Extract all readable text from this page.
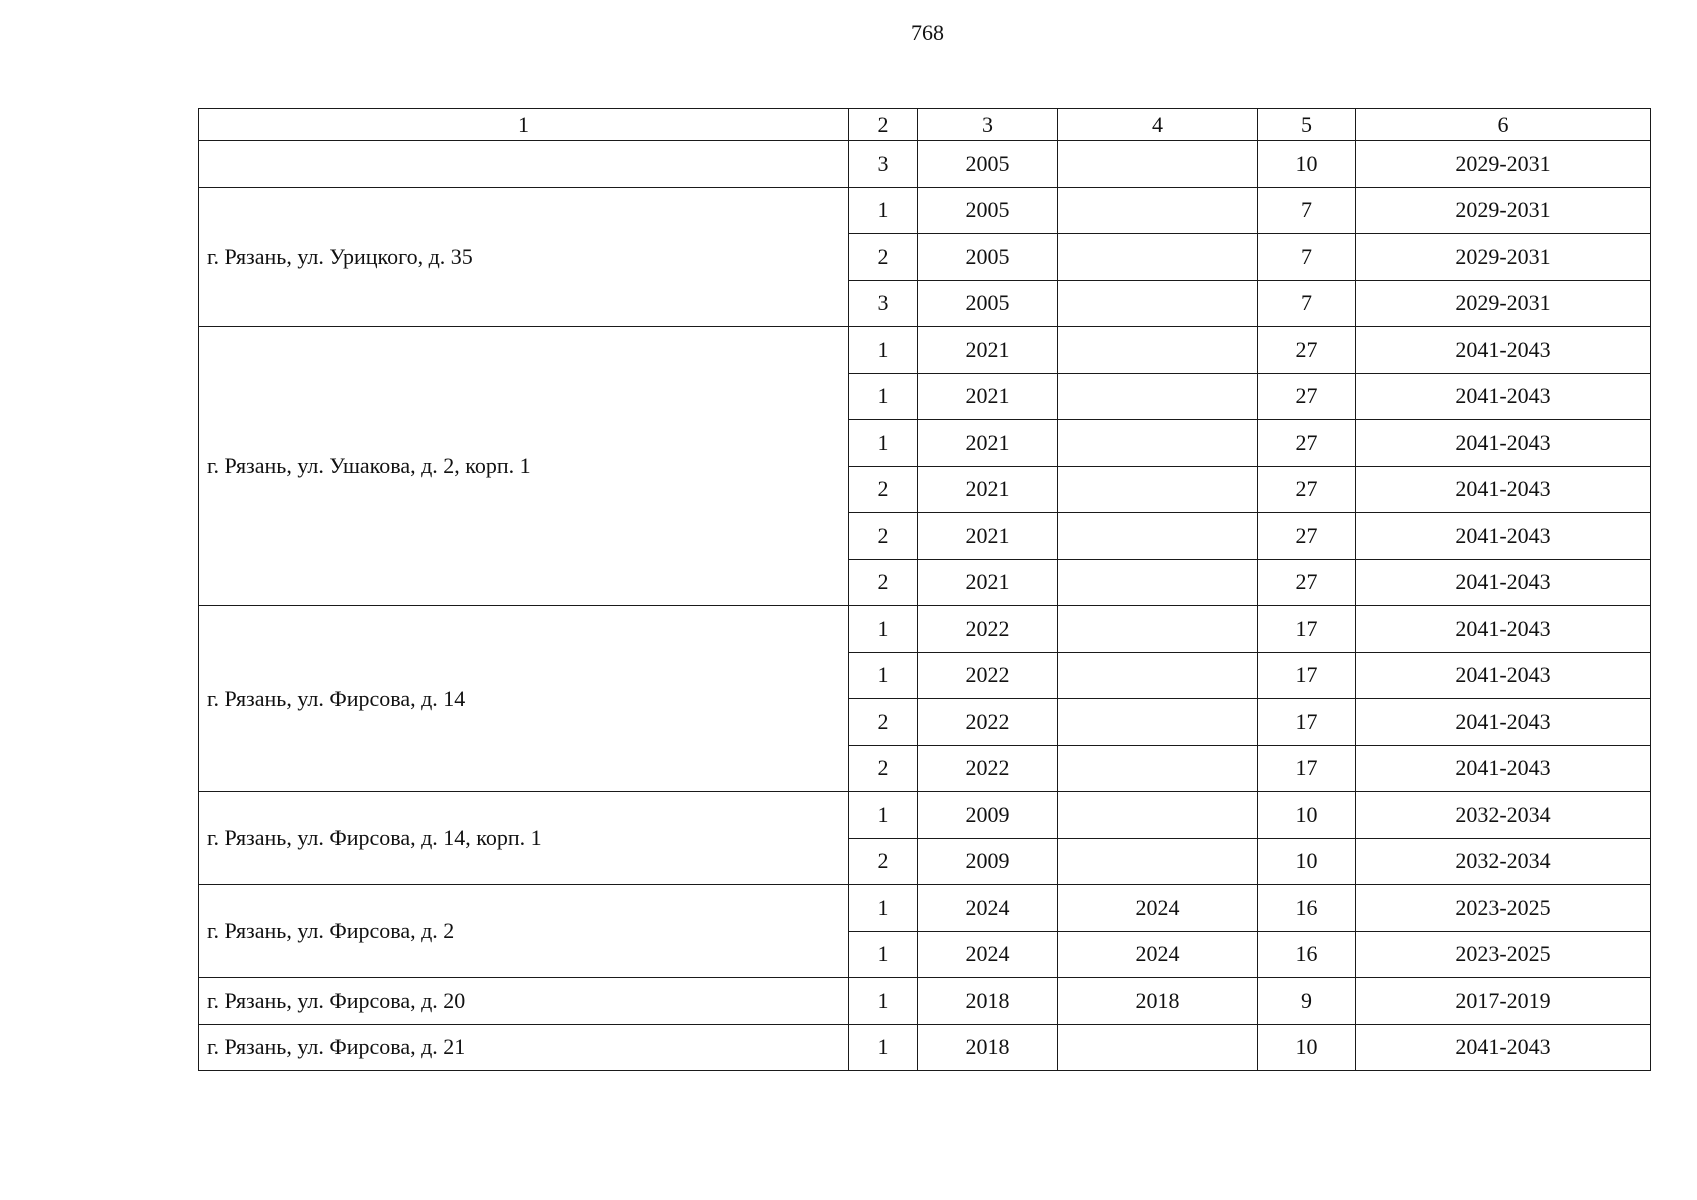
768
1	2	3	4	5	6
	3	2005		10	2029-2031
г. Рязань, ул. Урицкого, д. 35	1	2005		7	2029-2031
	2	2005		7	2029-2031
	3	2005		7	2029-2031
г. Рязань, ул. Ушакова, д. 2, корп. 1	1	2021		27	2041-2043
	1	2021		27	2041-2043
	1	2021		27	2041-2043
	2	2021		27	2041-2043
	2	2021		27	2041-2043
	2	2021		27	2041-2043
г. Рязань, ул. Фирсова, д. 14	1	2022		17	2041-2043
	1	2022		17	2041-2043
	2	2022		17	2041-2043
	2	2022		17	2041-2043
г. Рязань, ул. Фирсова, д. 14, корп. 1	1	2009		10	2032-2034
	2	2009		10	2032-2034
г. Рязань, ул. Фирсова, д. 2	1	2024	2024	16	2023-2025
	1	2024	2024	16	2023-2025
г. Рязань, ул. Фирсова, д. 20	1	2018	2018	9	2017-2019
г. Рязань, ул. Фирсова, д. 21	1	2018		10	2041-2043
